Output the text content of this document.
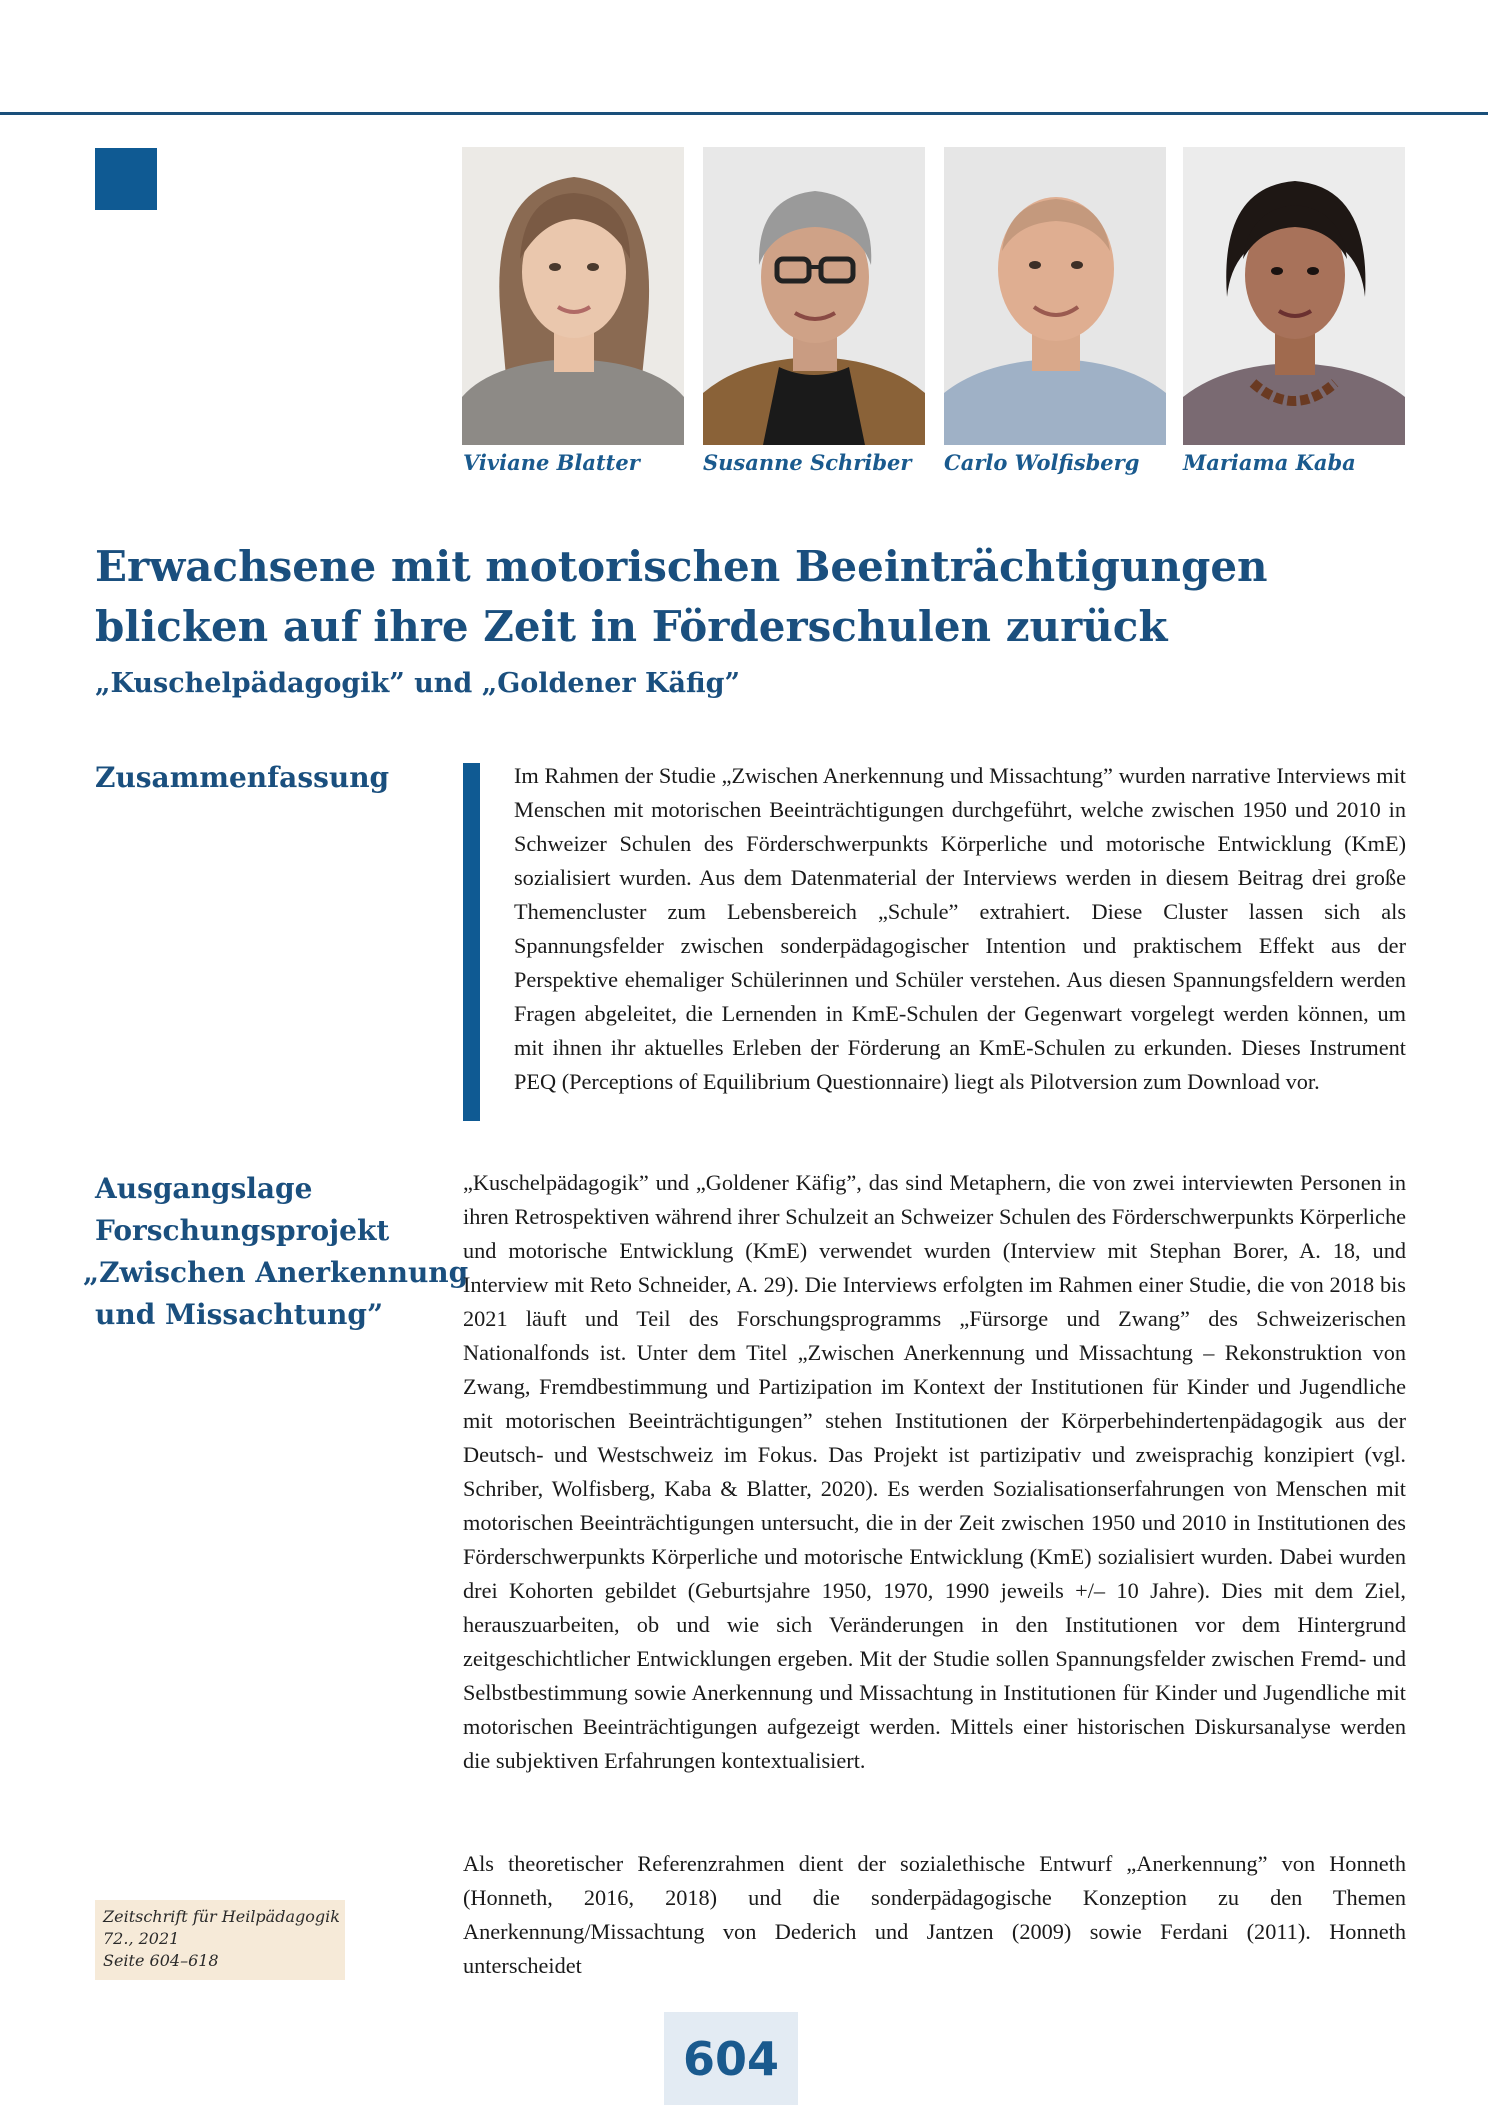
Viviane Blatter	Susanne Schriber	Carlo Wolfisberg	Mariama Kaba
Erwachsene mit motorischen Beeinträchtigungen
blicken auf ihre Zeit in Förderschulen zurück
„Kuschelpädagogik” und „Goldener Käfig”
Zusammenfassung	Im Rahmen der Studie „Zwischen Anerkennung und Missachtung” wurden narrative Interviews mit Menschen mit motorischen Beeinträchtigungen durchgeführt, welche zwischen 1950 und 2010 in Schweizer Schulen des Förderschwerpunkts Körperliche und motorische Entwicklung (KmE) sozialisiert wurden. Aus dem Datenmaterial der Interviews werden in diesem Beitrag drei große Themencluster zum Lebensbereich „Schule” extrahiert. Diese Cluster lassen sich als Spannungsfelder zwischen sonderpädagogischer Intention und praktischem Effekt aus der Perspektive ehemaliger Schülerinnen und Schüler verstehen. Aus diesen Spannungsfeldern werden Fragen abgeleitet, die Lernenden in KmE-Schulen der Gegenwart vorgelegt werden können, um mit ihnen ihr aktuelles Erleben der Förderung an KmE-Schulen zu erkunden. Dieses Instrument PEQ (Perceptions of Equilibrium Questionnaire) liegt als Pilotversion zum Download vor.

Ausgangslage
Forschungsprojekt
„Zwischen Anerkennung
und Missachtung”

„Kuschelpädagogik” und „Goldener Käfig”, das sind Metaphern, die von zwei interviewten Personen in ihren Retrospektiven während ihrer Schulzeit an Schweizer Schulen des Förderschwerpunkts Körperliche und motorische Entwicklung (KmE) verwendet wurden (Interview mit Stephan Borer, A. 18, und Interview mit Reto Schneider, A. 29). Die Interviews erfolgten im Rahmen einer Studie, die von 2018 bis 2021 läuft und Teil des Forschungsprogramms „Fürsorge und Zwang” des Schweizerischen Nationalfonds ist. Unter dem Titel „Zwischen Anerkennung und Missachtung – Rekonstruktion von Zwang, Fremdbestimmung und Partizipation im Kontext der Institutionen für Kinder und Jugendliche mit motorischen Beeinträchtigungen” stehen Institutionen der Körperbehindertenpädagogik aus der Deutsch- und Westschweiz im Fokus. Das Projekt ist partizipativ und zweisprachig konzipiert (vgl. Schriber, Wolfisberg, Kaba & Blatter, 2020). Es werden Sozialisationserfahrungen von Menschen mit motorischen Beeinträchtigungen untersucht, die in der Zeit zwischen 1950 und 2010 in Institutionen des Förderschwerpunkts Körperliche und motorische Entwicklung (KmE) sozialisiert wurden. Dabei wurden drei Kohorten gebildet (Geburtsjahre 1950, 1970, 1990 jeweils +/– 10 Jahre). Dies mit dem Ziel, herauszuarbeiten, ob und wie sich Veränderungen in den Institutionen vor dem Hintergrund zeitgeschichtlicher Entwicklungen ergeben. Mit der Studie sollen Spannungsfelder zwischen Fremd- und Selbstbestimmung sowie Anerkennung und Missachtung in Institutionen für Kinder und Jugendliche mit motorischen Beeinträchtigungen aufgezeigt werden. Mittels einer historischen Diskursanalyse werden die subjektiven Erfahrungen kontextualisiert.

Als theoretischer Referenzrahmen dient der sozialethische Entwurf „Anerkennung” von Honneth (Honneth, 2016, 2018) und die sonderpädagogische Konzeption zu den Themen Anerkennung/Missachtung von Dederich und Jantzen (2009) sowie Ferdani (2011). Honneth unterscheidet

Zeitschrift für Heilpädagogik
72., 2021
Seite 604–618
604
